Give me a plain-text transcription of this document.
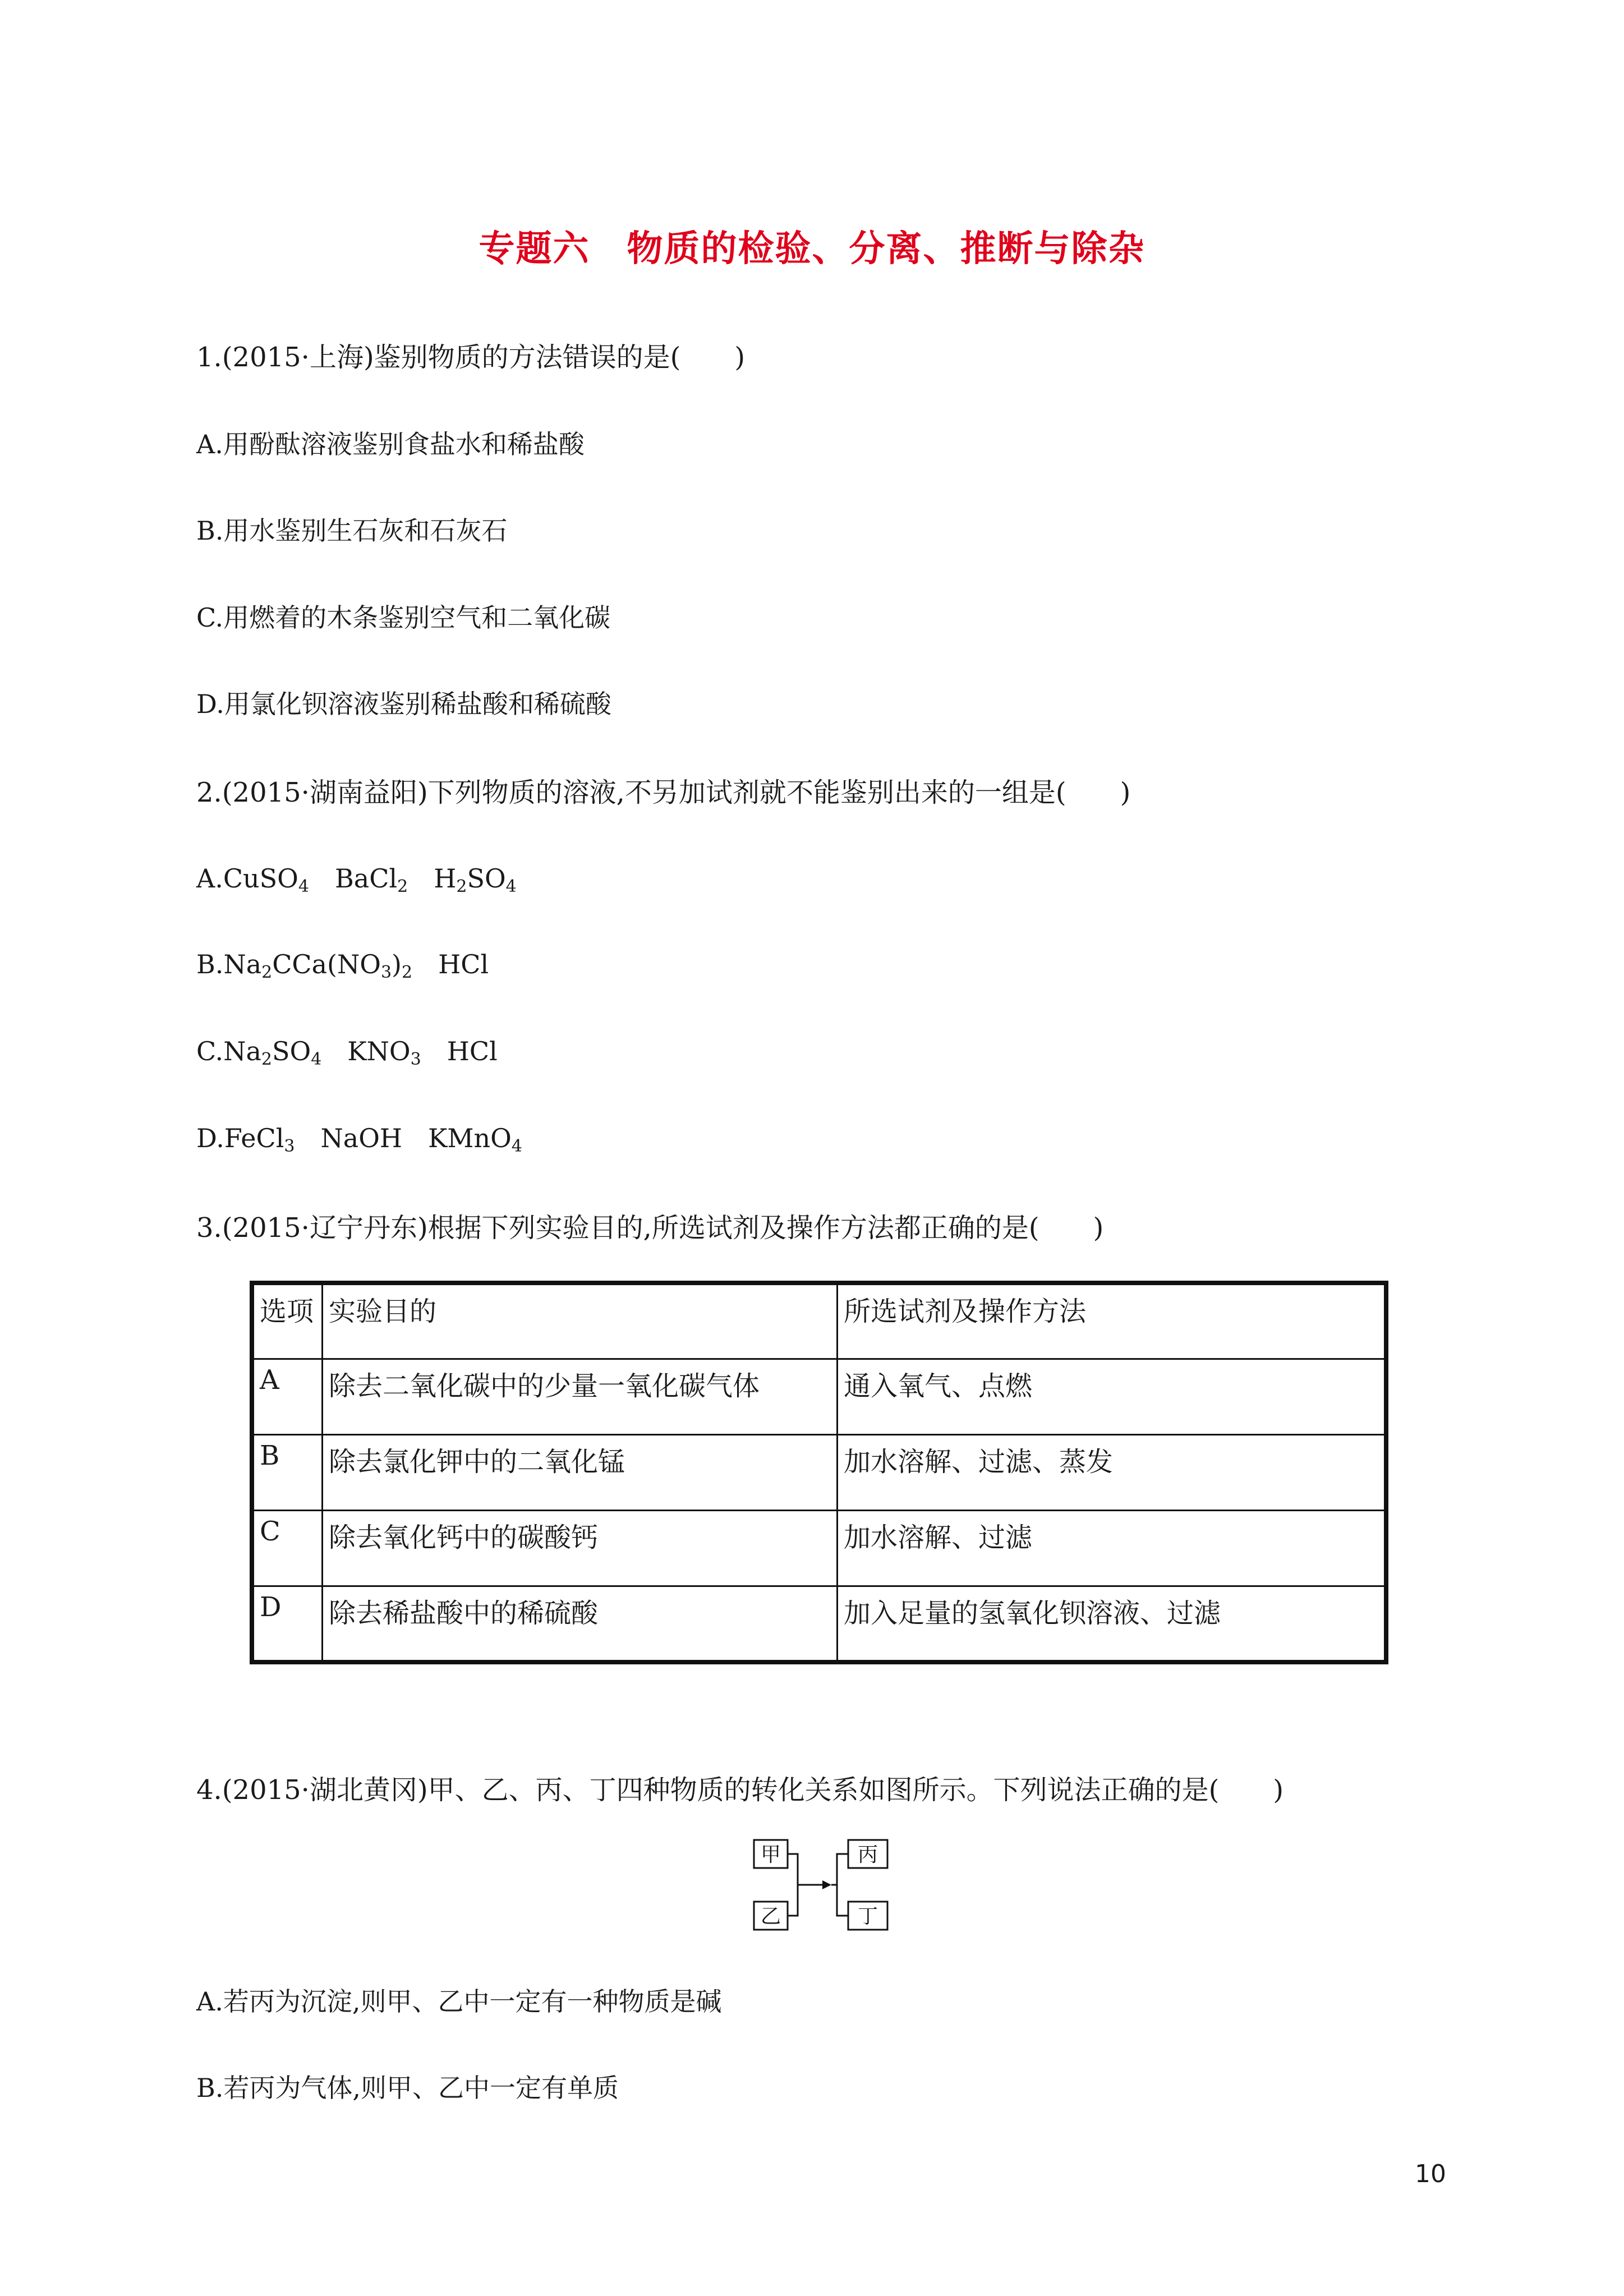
专题六　物质的检验、分离、推断与除杂
1.(2015·上海)鉴别物质的方法错误的是(　　)
A.用酚酞溶液鉴别食盐水和稀盐酸
B.用水鉴别生石灰和石灰石
C.用燃着的木条鉴别空气和二氧化碳
D.用氯化钡溶液鉴别稀盐酸和稀硫酸
2.(2015·湖南益阳)下列物质的溶液,不另加试剂就不能鉴别出来的一组是(　　)
A.CuSO$_4$　BaCl$_2$　$H_2SO_4$
$B.Na_2CCa(NO_3)_2$　HCl
$C.Na_2SO_4$　$KNO_3$　HCl
D.FeCl$_3$　NaOH　KMnO$_4$
3.(2015·辽宁丹东)根据下列实验目的,所选试剂及操作方法都正确的是(　　)
选项	实验目的	所选试剂及操作方法
A	除去二氧化碳中的少量一氧化碳气体	通入氧气、点燃
B	除去氯化钾中的二氧化锰	加水溶解、过滤、蒸发
C	除去氧化钙中的碳酸钙	加水溶解、过滤
D	除去稀盐酸中的稀硫酸	加入足量的氢氧化钡溶液、过滤
4.(2015·湖北黄冈)甲、乙、丙、丁四种物质的转化关系如图所示。下列说法正确的是(　　)
甲
乙
丙
丁
A.若丙为沉淀,则甲、乙中一定有一种物质是碱
B.若丙为气体,则甲、乙中一定有单质
10
